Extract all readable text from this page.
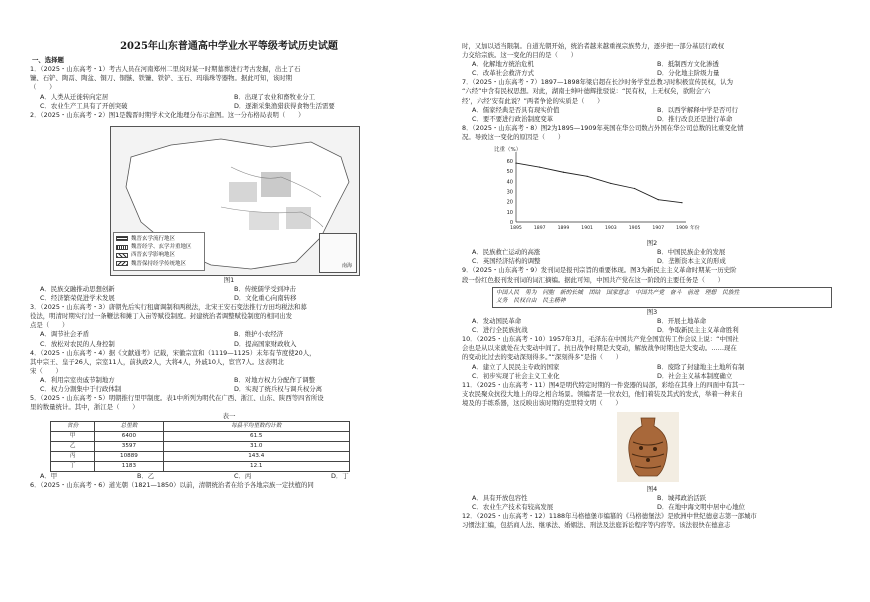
2025年山东普通高中学业水平等级考试历史试题
一、选择题
1．（2025・山东高考・1）考古人员在河南郑州二里岗对某一时期墓葬进行考古发掘，出土了石
镰、石铲、陶鬲、陶盆、铜刀、铜镞、铁镰、铁铲、玉石、玛瑙珠等器物。据此可知，该时期
（　　）
A．人类从迁徙转向定居	B．出现了农业和畜牧业分工
C．农业生产工具有了开创突破	D．逐渐采集渔猎获得食物生活需要
2．（2025・山东高考・2）图1是魏晋时期学术文化地理分布示意图。这一分布格局表明（　　）
魏晋玄学流行地区
魏晋经学、玄学并重地区
西晋玄学影响地区
魏晋保持经学传统地区	南海
图1
A．民族交融推动思想创新	B．传统儒学受到冲击
C．经济繁荣促进学术发展	D．文化重心向南转移
3．（2025・山东高考・3）唐朝先后实行租庸调制和两税法，北宋王安石变法推行方田均税法和募
役法，明清时期实行过一条鞭法和摊丁入亩等赋役制度。封建统治者调整赋役制度的相同出发
点是（　　）
A．调节社会矛盾	B．维护小农经济
C．放松对农民的人身控制	D．提高国家财政收入
4．（2025・山东高考・4）据《文献通考》记载，宋徽宗宣和（1119—1125）末年有节度使20人，
其中宗王、皇子26人，宗室11人，前执政2人，大将4人，外戚10人，宦官7人。这表明北
宋（　　）
A．利用宗室贵戚节制地方	B．对地方权力分配作了调整
C．权力分割集中于行政体制	D．实现了统兵权与调兵权分离
5．（2025・山东高考・5）明朝推行里甲制度。表1中所列为明代在广西、浙江、山东、陕西等四省所设
里的数量统计。其中，浙江是（　　）
表一
省份	总里数	每县平均里数约计数
甲	6400	61.5
乙	3597	31.0
丙	10889	143.4
丁	1183	12.1
A．甲	B．乙	C．丙	D．丁
6．（2025・山东高考・6）道光朝（1821—1850）以前，清朝统治者在给予各地宗族一定扶植的同
时，又加以适当限制。自道光朝开始，统治者越来越重视宗族势力，逐步把一部分基层行政权
力交给宗族。这一变化的目的是（　　）
A．化解地方统治危机	B．抵制西方文化渗透
C．改革社会救济方式	D．分化地主阶级力量
7．（2025・山东高考・7）1897—1898年梁启超在长沙时务学堂总教习时积极宣传民权，认为
“六经”中含有民权思想。对此，湖南士绅叶德辉批驳说：“民有权，上无权矣，欲附会‘六
经’，六经’安有此说？”两者争论的实质是（　　）
A．儒家经典是否具有现实价值	B．以西学解释中学是否可行
C．要不要进行政治制度变革	D．推行改良还是进行革命
8．（2025・山东高考・8）图2为1895—1909年英国在华公司数占外国在华公司总数的比重变化情
况。导致这一变化的原因是（　　）
比重（%）
0
10
20
30
40
50
60
1895	1897	1899	1901	1903	1905	1907	1909 年份
图2
A．民族救亡运动的高涨	B．中国民族企业的发展
C．英国经济结构的调整	D．垄断资本主义的形成
9．（2025・山东高考・9）发刊词是报刊宗旨的重要体现。图3为新民主主义革命时期某一历史阶
段一份红色报刊发刊词的词汇摘编。据此可知，中国共产党在这一阶段的主要任务是（　　）
中国人民　男为　同胞　新的长城　团结　国家意志　中国共产党　奋斗　前进　理想　民族性
义务　民权自由　民主精神
图3
A．发动国民革命	B．开展土地革命
C．进行全民族抗战	D．争取新民主主义革命胜利
10．（2025・山东高考・10）1957年3月，毛泽东在中国共产党全国宣传工作会议上说：“中国社
会也是从以来就处在大变动中间了。抗日战争时期是大变动，解放战争时期也是大变动。……现在
的变动比过去的变动深刻得多。”“深刻得多”是指（　　）
A．建立了人民民主专政的国家	B．废除了封建地主土地所有制
C．初步实现了社会主义工业化	D．社会主义基本制度确立
11．（2025・山东高考・11）图4是明代特定时期的一件瓷器的局部，彩绘在其身上的四面中有其一
支农民聚众抗役大地上的母之相合场景。领编者是一位农妇，他们着装及其式的发式，举着一种来自
境及的手练系器，这反映出该时期的克里特文明（　　）
图4
A．具有开放包容性	B．城邦政治活跃
C．农业生产技术有较高发展	D．在地中海文明中居中心地位
12．（2025・山东高考・12）1188年马格德堡市编纂的《马格德堡法》是欧洲中世纪德意志第一部城市
习惯法汇编，包括商人法、继承法、婚姻法、刑法及法庭诉讼程序等内容等。该法很快在德意志
